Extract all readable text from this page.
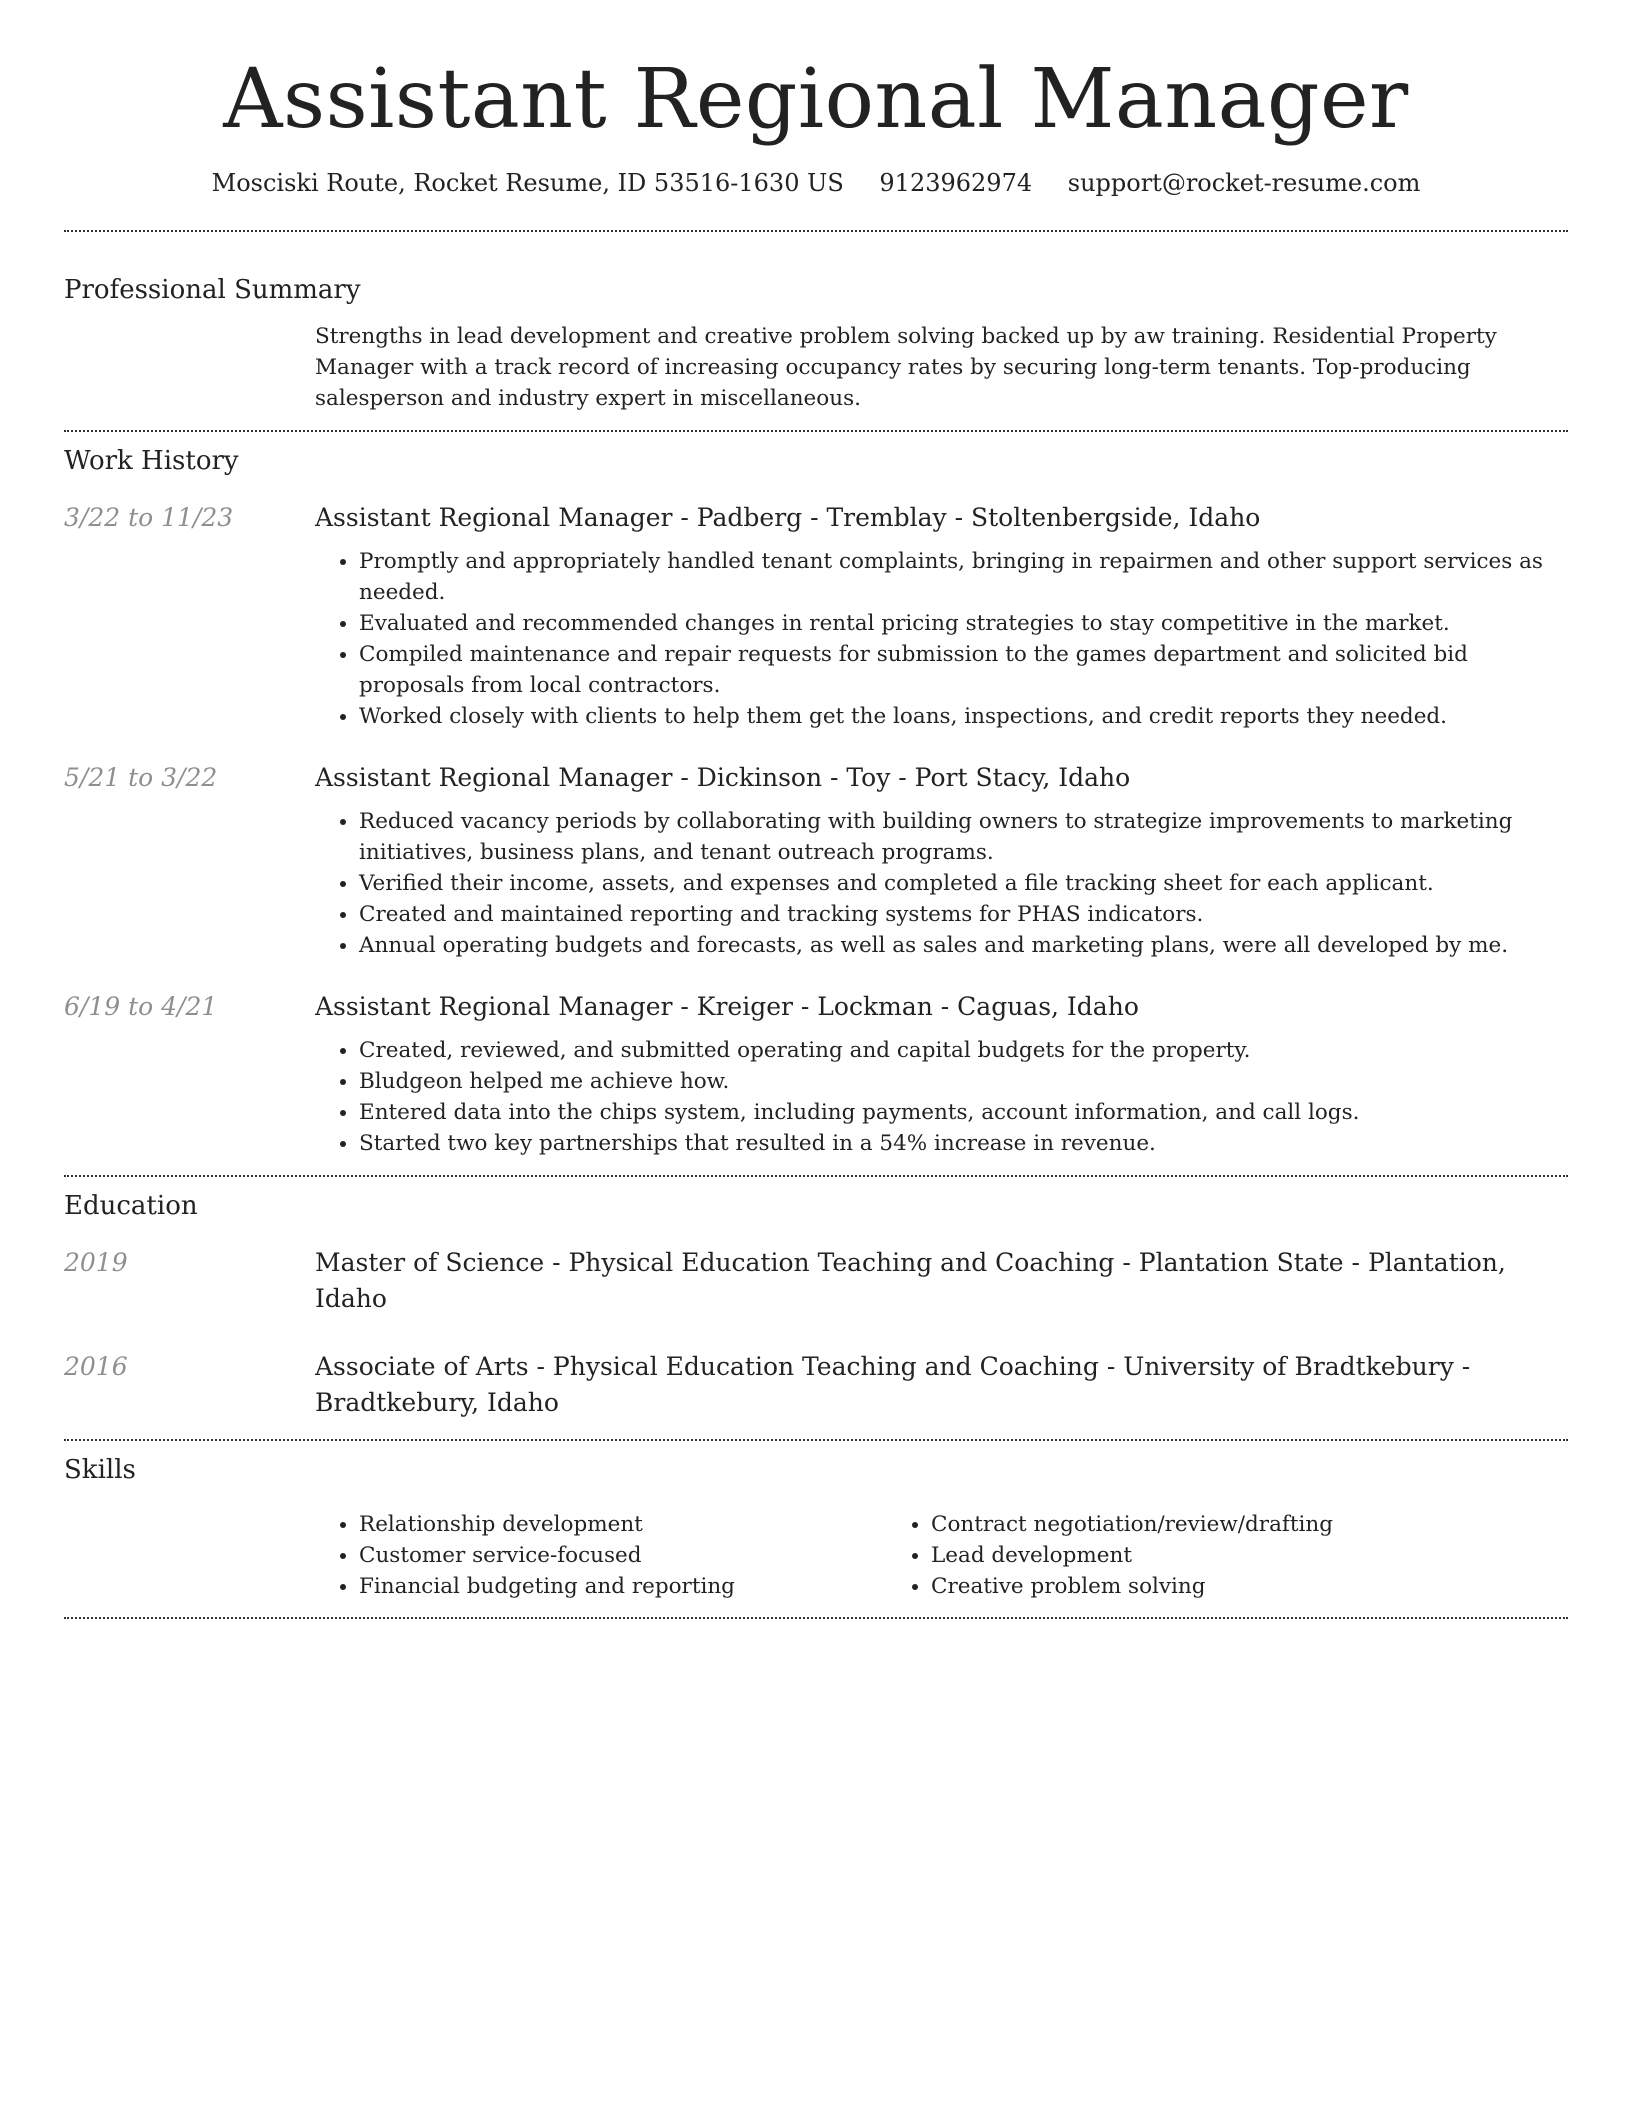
Assistant Regional Manager
Mosciski Route, Rocket Resume, ID 53516-1630 US 9123962974 support@rocket-resume.com
Professional Summary
Strengths in lead development and creative problem solving backed up by aw training. Residential Property Manager with a track record of increasing occupancy rates by securing long-term tenants. Top-producing salesperson and industry expert in miscellaneous.
Work History
3/22 to 11/23	Assistant Regional Manager - Padberg - Tremblay - Stoltenbergside, Idaho
• Promptly and appropriately handled tenant complaints, bringing in repairmen and other support services as needed.
• Evaluated and recommended changes in rental pricing strategies to stay competitive in the market.
• Compiled maintenance and repair requests for submission to the games department and solicited bid proposals from local contractors.
• Worked closely with clients to help them get the loans, inspections, and credit reports they needed.
5/21 to 3/22	Assistant Regional Manager - Dickinson - Toy - Port Stacy, Idaho
• Reduced vacancy periods by collaborating with building owners to strategize improvements to marketing initiatives, business plans, and tenant outreach programs.
• Verified their income, assets, and expenses and completed a file tracking sheet for each applicant.
• Created and maintained reporting and tracking systems for PHAS indicators.
• Annual operating budgets and forecasts, as well as sales and marketing plans, were all developed by me.
6/19 to 4/21	Assistant Regional Manager - Kreiger - Lockman - Caguas, Idaho
• Created, reviewed, and submitted operating and capital budgets for the property.
• Bludgeon helped me achieve how.
• Entered data into the chips system, including payments, account information, and call logs.
• Started two key partnerships that resulted in a 54% increase in revenue.
Education
2019	Master of Science - Physical Education Teaching and Coaching - Plantation State - Plantation, Idaho
2016	Associate of Arts - Physical Education Teaching and Coaching - University of Bradtkebury - Bradtkebury, Idaho
Skills
• Relationship development
• Customer service-focused
• Financial budgeting and reporting
• Contract negotiation/review/drafting
• Lead development
• Creative problem solving
